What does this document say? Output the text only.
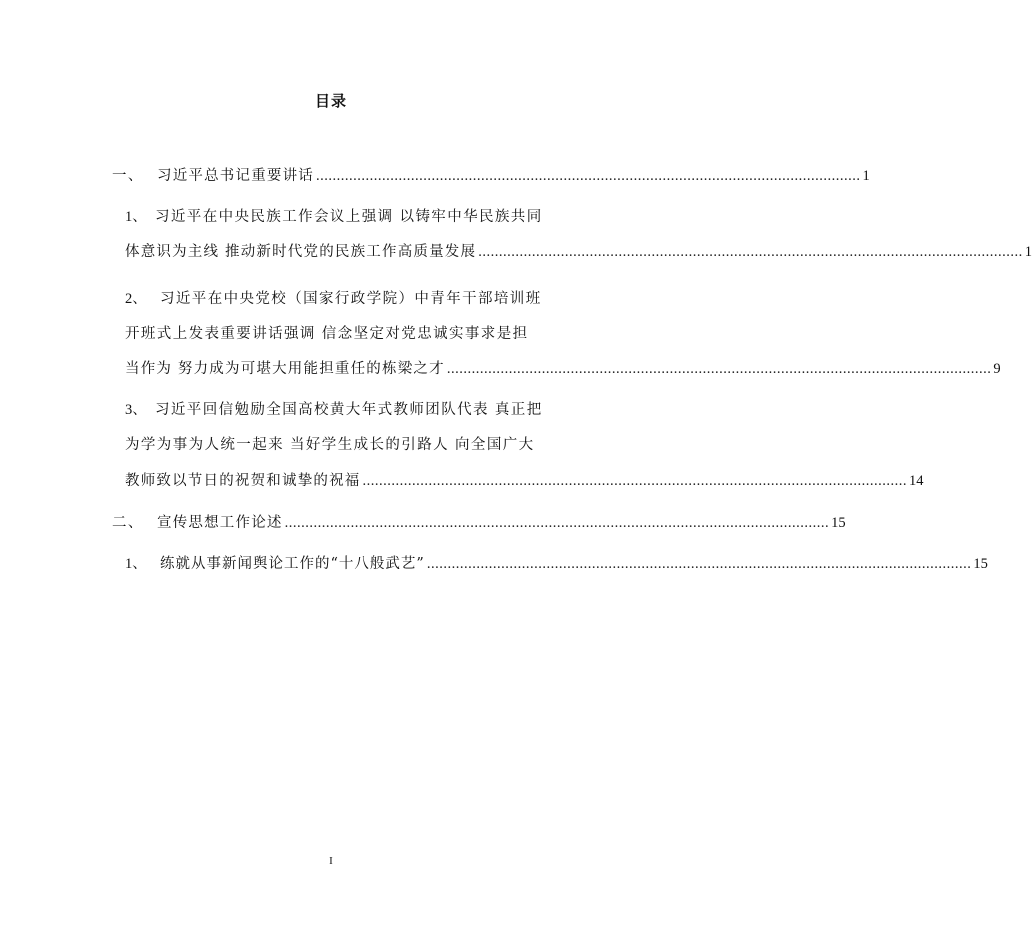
目录
一、 习近平总书记重要讲话 .................................................................................................................................... 1
1、 习近平在中央民族工作会议上强调 以铸牢中华民族共同
体意识为主线 推动新时代党的民族工作高质量发展 .................................................................................................................................... 1
2、 习近平在中央党校（国家行政学院）中青年干部培训班
开班式上发表重要讲话强调 信念坚定对党忠诚实事求是担
当作为 努力成为可堪大用能担重任的栋梁之才 .................................................................................................................................... 9
3、 习近平回信勉励全国高校黄大年式教师团队代表 真正把
为学为事为人统一起来 当好学生成长的引路人 向全国广大
教师致以节日的祝贺和诚挚的祝福 .................................................................................................................................... 14
二、 宣传思想工作论述 .................................................................................................................................... 15
1、 练就从事新闻舆论工作的“十八般武艺” .................................................................................................................................... 15
I
